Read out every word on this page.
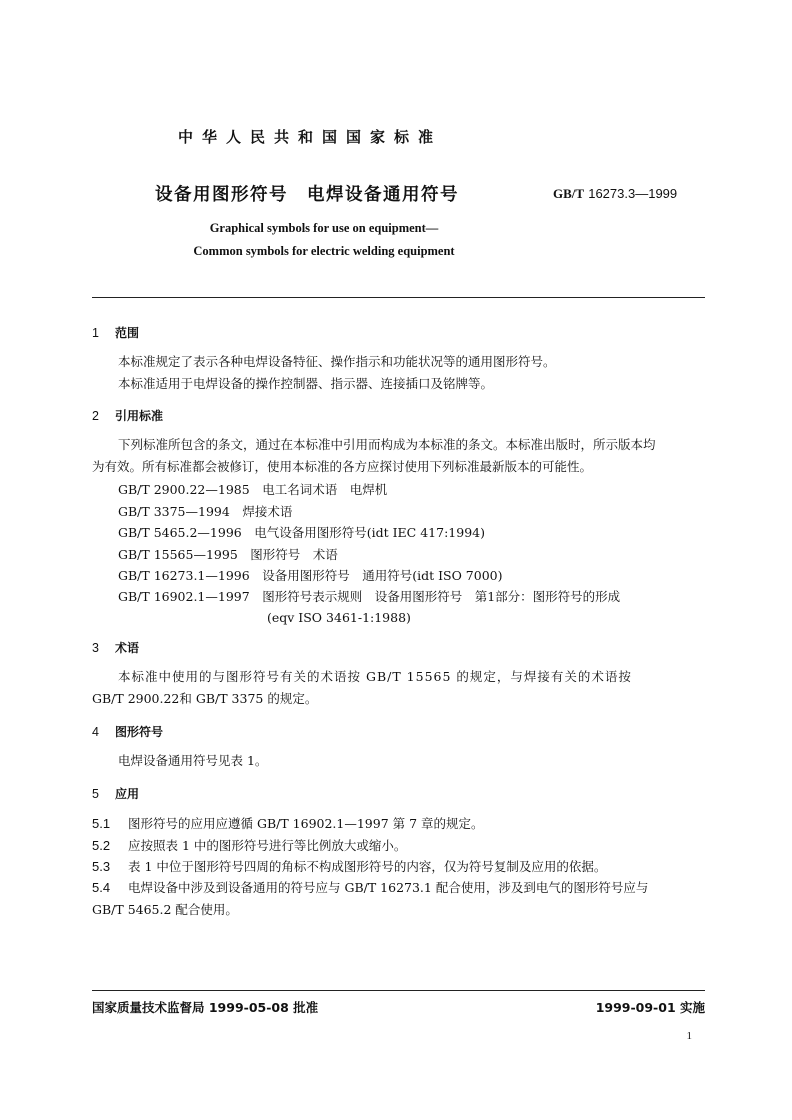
中华人民共和国国家标准
设备用图形符号　电焊设备通用符号	GB/T 16273.3—1999
Graphical symbols for use on equipment—
Common symbols for electric welding equipment
1 范围
本标准规定了表示各种电焊设备特征、操作指示和功能状况等的通用图形符号。
本标准适用于电焊设备的操作控制器、指示器、连接插口及铭牌等。
2 引用标准
下列标准所包含的条文，通过在本标准中引用而构成为本标准的条文。本标准出版时，所示版本均
为有效。所有标准都会被修订，使用本标准的各方应探讨使用下列标准最新版本的可能性。
GB/T 2900.22—1985　电工名词术语　电焊机
GB/T 3375—1994　焊接术语
GB/T 5465.2—1996　电气设备用图形符号(idt IEC 417:1994)
GB/T 15565—1995　图形符号　术语
GB/T 16273.1—1996　设备用图形符号　通用符号(idt ISO 7000)
GB/T 16902.1—1997　图形符号表示规则　设备用图形符号　第1部分：图形符号的形成
(eqv ISO 3461-1:1988)
3 术语
本标准中使用的与图形符号有关的术语按 GB/T 15565 的规定，与焊接有关的术语按
GB/T 2900.22和 GB/T 3375 的规定。
4 图形符号
电焊设备通用符号见表 1。
5 应用
5.1 图形符号的应用应遵循 GB/T 16902.1—1997 第 7 章的规定。
5.2 应按照表 1 中的图形符号进行等比例放大或缩小。
5.3 表 1 中位于图形符号四周的角标不构成图形符号的内容，仅为符号复制及应用的依据。
5.4 电焊设备中涉及到设备通用的符号应与 GB/T 16273.1 配合使用，涉及到电气的图形符号应与
GB/T 5465.2 配合使用。
国家质量技术监督局 1999-05-08 批准	1999-09-01 实施
1
